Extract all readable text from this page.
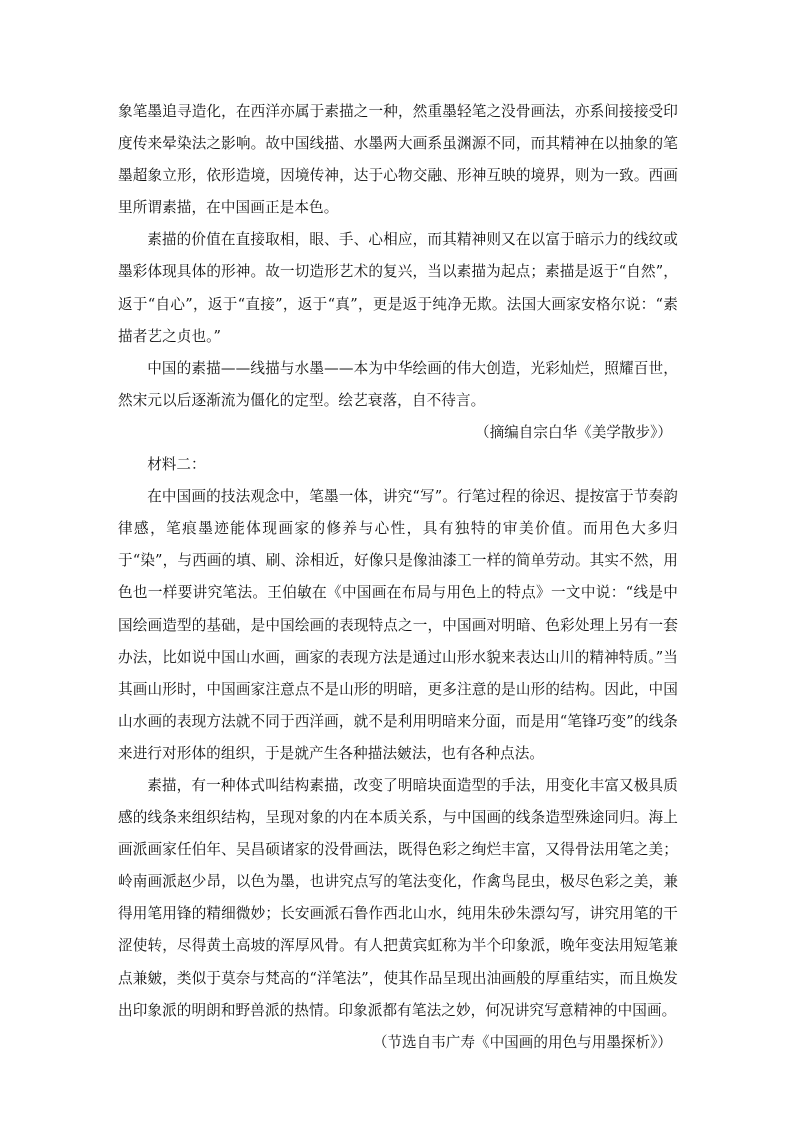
象笔墨追寻造化，在西洋亦属于素描之一种，然重墨轻笔之没骨画法，亦系间接接受印度传来晕染法之影响。故中国线描、水墨两大画系虽渊源不同，而其精神在以抽象的笔墨超象立形，依形造境，因境传神，达于心物交融、形神互映的境界，则为一致。西画里所谓素描，在中国画正是本色。

素描的价值在直接取相，眼、手、心相应，而其精神则又在以富于暗示力的线纹或墨彩体现具体的形神。故一切造形艺术的复兴，当以素描为起点；素描是返于“自然”，返于“自心”，返于“直接”，返于“真”，更是返于纯净无欺。法国大画家安格尔说：“素描者艺之贞也。”

中国的素描——线描与水墨——本为中华绘画的伟大创造，光彩灿烂，照耀百世，然宋元以后逐渐流为僵化的定型。绘艺衰落，自不待言。

（摘编自宗白华《美学散步》）

材料二：

在中国画的技法观念中，笔墨一体，讲究“写”。行笔过程的徐迟、提按富于节奏韵律感，笔痕墨迹能体现画家的修养与心性，具有独特的审美价值。而用色大多归于“染”，与西画的填、刷、涂相近，好像只是像油漆工一样的简单劳动。其实不然，用色也一样要讲究笔法。王伯敏在《中国画在布局与用色上的特点》一文中说：“线是中国绘画造型的基础，是中国绘画的表现特点之一，中国画对明暗、色彩处理上另有一套办法，比如说中国山水画，画家的表现方法是通过山形水貌来表达山川的精神特质。”当其画山形时，中国画家注意点不是山形的明暗，更多注意的是山形的结构。因此，中国山水画的表现方法就不同于西洋画，就不是利用明暗来分面，而是用“笔锋巧变”的线条来进行对形体的组织，于是就产生各种描法皴法，也有各种点法。

素描，有一种体式叫结构素描，改变了明暗块面造型的手法，用变化丰富又极具质感的线条来组织结构，呈现对象的内在本质关系，与中国画的线条造型殊途同归。海上画派画家任伯年、吴昌硕诸家的没骨画法，既得色彩之绚烂丰富，又得骨法用笔之美；岭南画派赵少昂，以色为墨，也讲究点写的笔法变化，作禽鸟昆虫，极尽色彩之美，兼得用笔用锋的精细微妙；长安画派石鲁作西北山水，纯用朱砂朱漂勾写，讲究用笔的干涩使转，尽得黄土高坡的浑厚风骨。有人把黄宾虹称为半个印象派，晚年变法用短笔兼点兼皴，类似于莫奈与梵高的“洋笔法”，使其作品呈现出油画般的厚重结实，而且焕发出印象派的明朗和野兽派的热情。印象派都有笔法之妙，何况讲究写意精神的中国画。

（节选自韦广寿《中国画的用色与用墨探析》）
